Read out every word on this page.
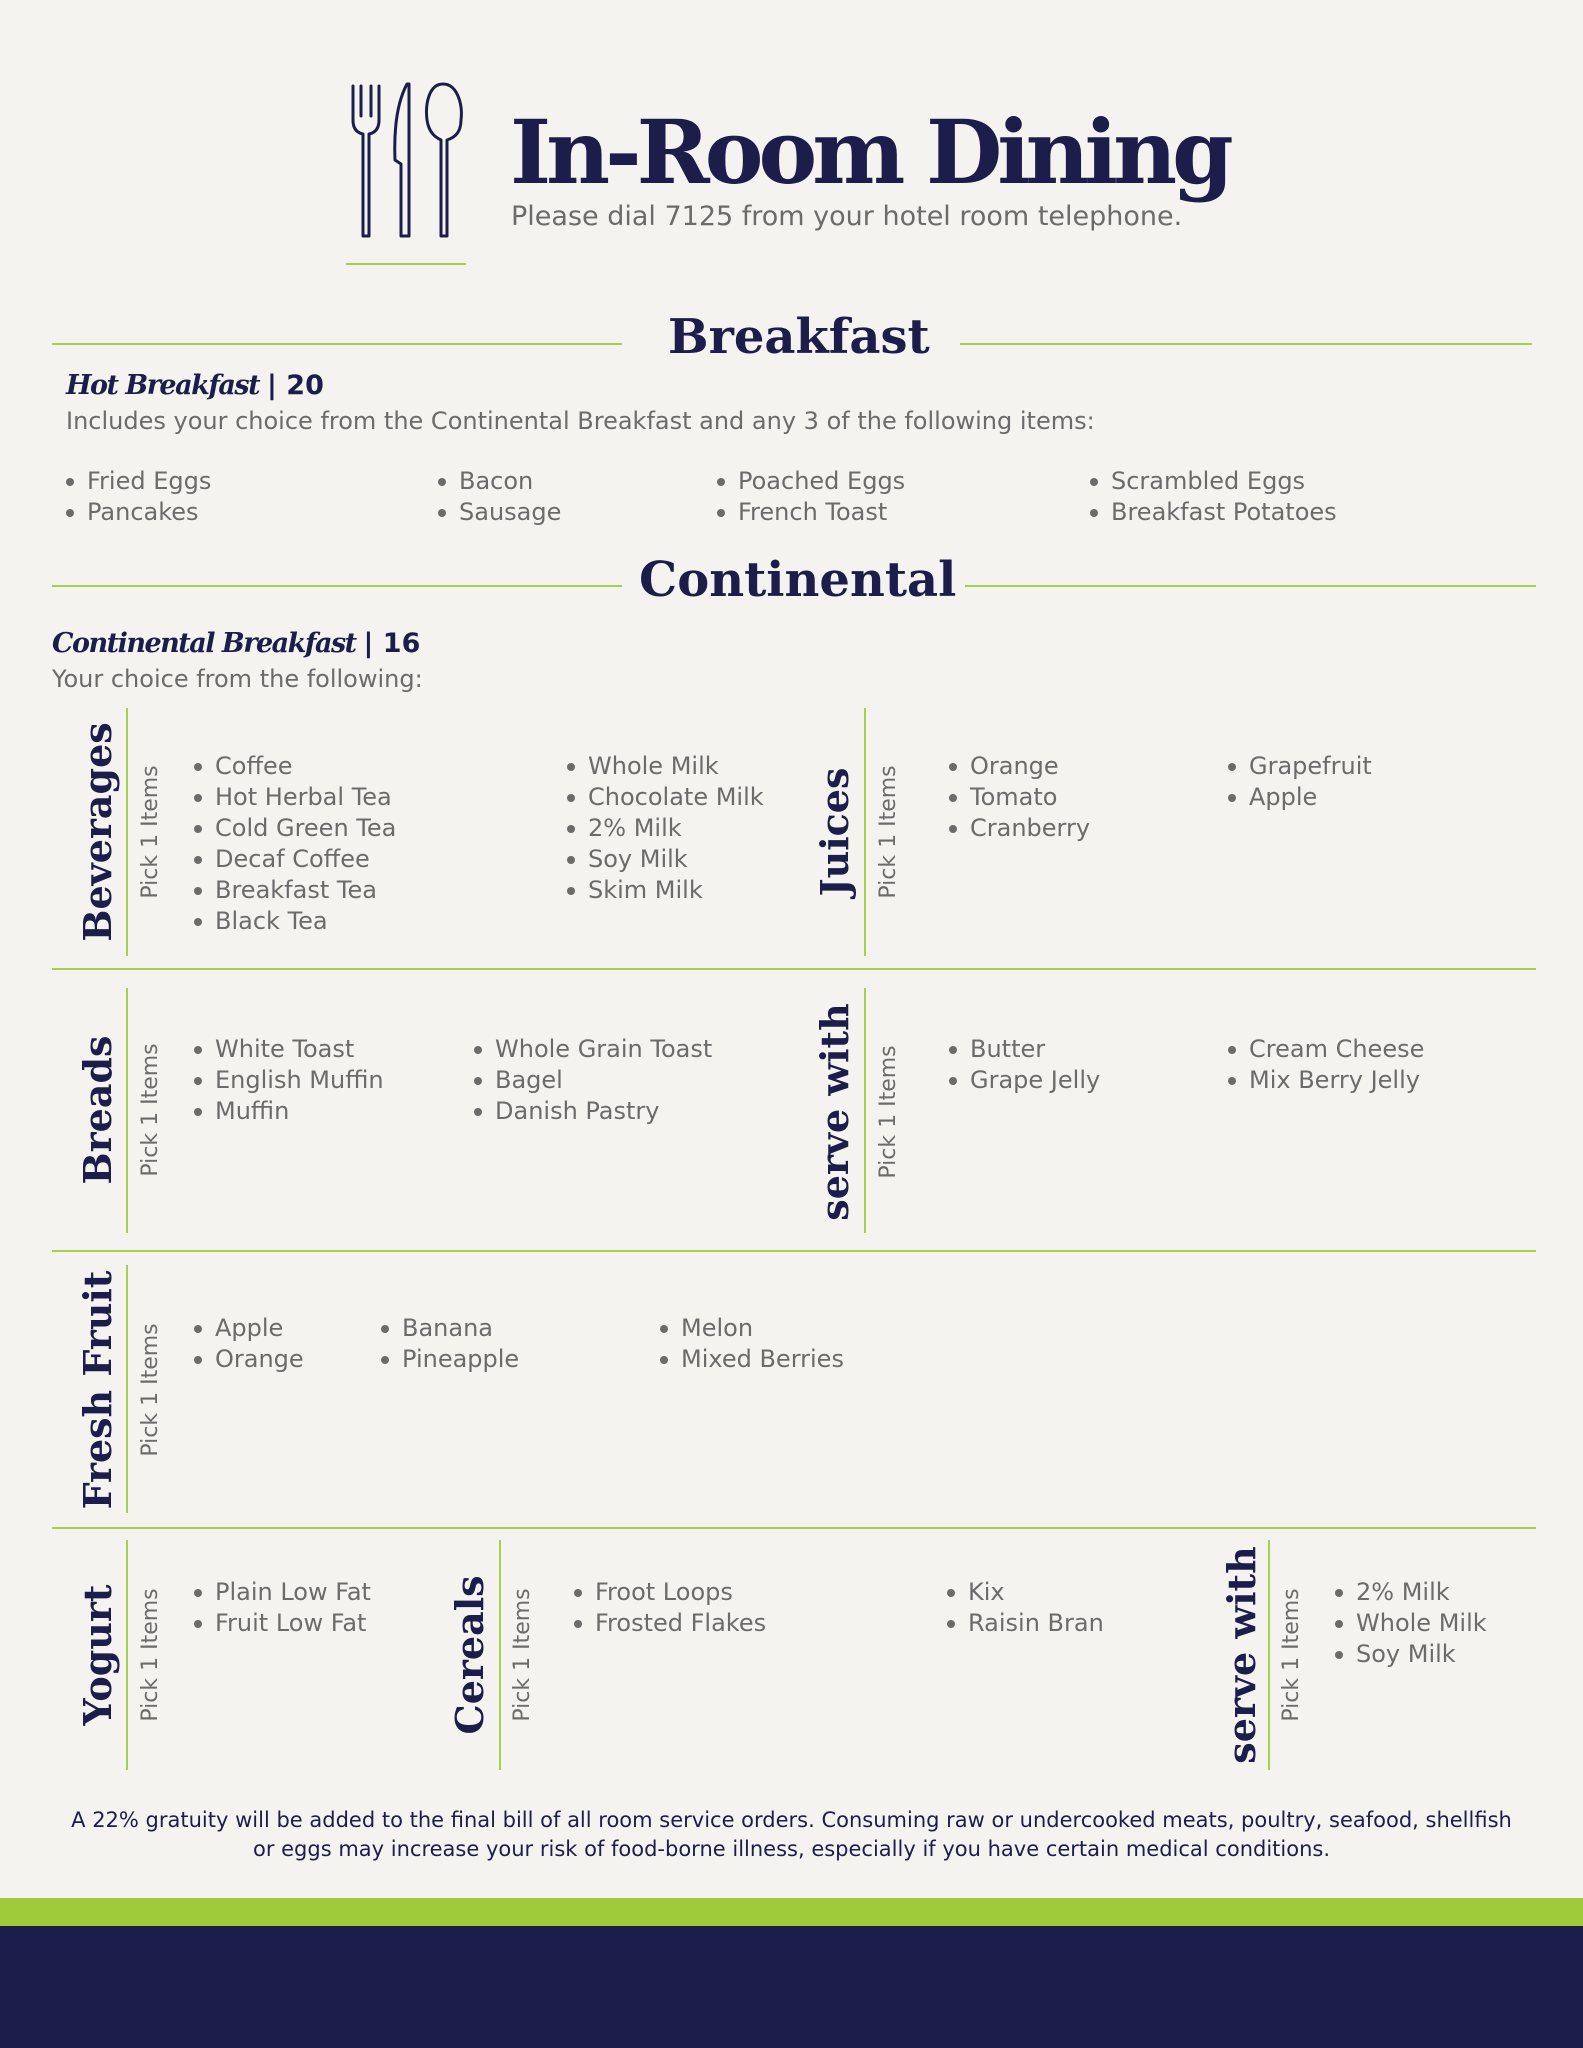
In-Room Dining
Please dial 7125 from your hotel room telephone.
Breakfast
Hot Breakfast | 20
Includes your choice from the Continental Breakfast and any 3 of the following items:
Fried Eggs
Pancakes
Bacon
Sausage
Poached Eggs
French Toast
Scrambled Eggs
Breakfast Potatoes
Continental
Continental Breakfast | 16
Your choice from the following:
Beverages Pick 1 Items	Coffee
Hot Herbal Tea
Cold Green Tea
Decaf Coffee
Breakfast Tea
Black Tea
Whole Milk
Chocolate Milk
2% Milk
Soy Milk
Skim Milk	Juices Pick 1 Items	Orange
Tomato
Cranberry
Grapefruit
Apple
Breads Pick 1 Items	White Toast
English Muffin
Muffin
Whole Grain Toast
Bagel
Danish Pastry	serve with Pick 1 Items	Butter
Grape Jelly
Cream Cheese
Mix Berry Jelly
Fresh Fruit Pick 1 Items	Apple
Orange
Banana
Pineapple
Melon
Mixed Berries
Yogurt Pick 1 Items	Plain Low Fat
Fruit Low Fat Cereals Pick 1 Items	Froot Loops
Frosted Flakes
Kix
Raisin Bran	serve with Pick 1 Items	2% Milk
Whole Milk
Soy Milk
A 22% gratuity will be added to the final bill of all room service orders. Consuming raw or undercooked meats, poultry, seafood, shellfish or eggs may increase your risk of food-borne illness, especially if you have certain medical conditions.
